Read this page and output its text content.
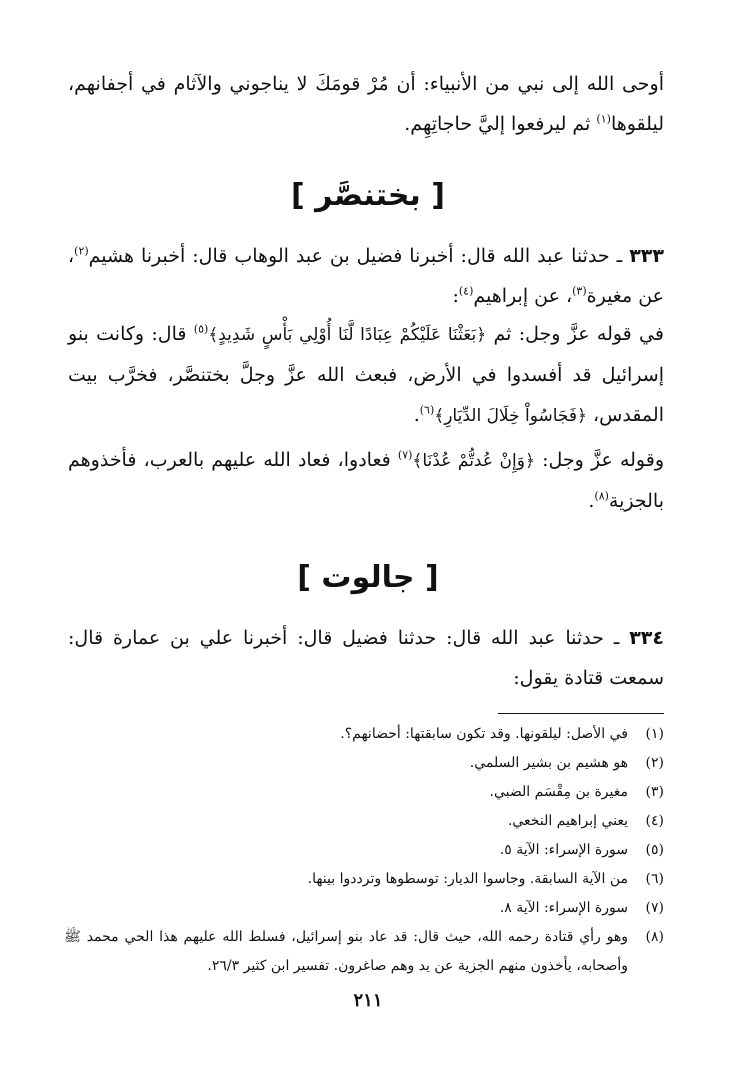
أوحى الله إلى نبي من الأنبياء: أن مُرْ قومَكَ لا يناجوني والآثام في أجفانهم، ليلقوها$^{(١)}$ ثم ليرفعوا إليَّ حاجاتِهِم.

[ بختنصَّر ]

٣٣٣ ـ حدثنا عبد الله قال: أخبرنا فضيل بن عبد الوهاب قال: أخبرنا هشيم$^{(٢)}$، عن مغيرة$^{(٣)}$، عن إبراهيم$^{(٤)}$:

في قوله عزَّ وجل: ثم ﴿بَعَثْنَا عَلَيْكُمْ عِبَادًا لَّنَا أُوْلِي بَأْسٍ شَدِيدٍ﴾$^{(٥)}$ قال: وكانت بنو إسرائيل قد أفسدوا في الأرض، فبعث الله عزَّ وجلَّ بختنصَّر، فخرَّب بيت المقدس، ﴿فَجَاسُواْ خِلَالَ الدِّيَارِ﴾$^{(٦)}$.

وقوله عزَّ وجل: ﴿وَإِنْ عُدتُّمْ عُدْنَا﴾$^{(٧)}$ فعادوا، فعاد الله عليهم بالعرب، فأخذوهم بالجزية$^{(٨)}$.

[ جالوت ]

٣٣٤ ـ حدثنا عبد الله قال: حدثنا فضيل قال: أخبرنا علي بن عمارة قال: سمعت قتادة يقول:

(١)
في الأصل: ليلقونها. وقد تكون سابقتها: أحضانهم؟.
(٢)
هو هشيم بن بشير السلمي.
(٣)
مغيرة بن مِقْسَم الضبي.
(٤)
يعني إبراهيم النخعي.
(٥)
سورة الإسراء: الآية ٥.
(٦)
من الآية السابقة. وجاسوا الديار: توسطوها وترددوا بينها.
(٧)
سورة الإسراء: الآية ٨.
(٨)
وهو رأي قتادة رحمه الله، حيث قال: قد عاد بنو إسرائيل، فسلط الله عليهم هذا الحي محمد ﷺ وأصحابه، يأخذون منهم الجزية عن يد وهم صاغرون. تفسير ابن كثير ٢٦/٣.

٢١١
